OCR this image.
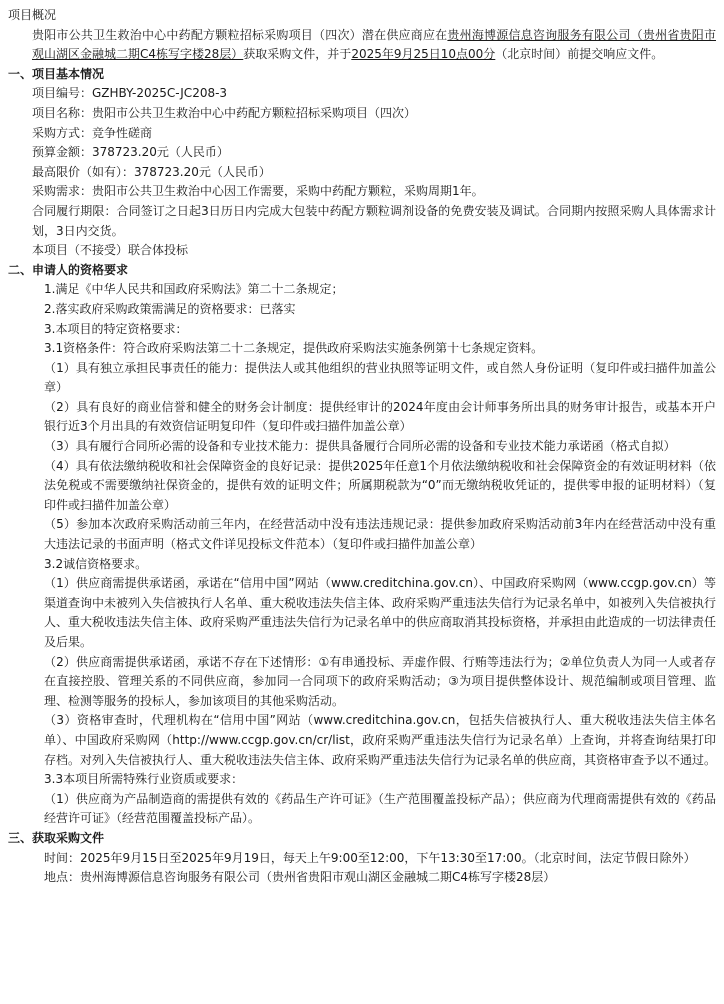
项目概况
贵阳市公共卫生救治中心中药配方颗粒招标采购项目（四次）潜在供应商应在贵州海博源信息咨询服务有限公司（贵州省贵阳市观山湖区金融城二期C4栋写字楼28层）获取采购文件，并于2025年9月25日10点00分（北京时间）前提交响应文件。
一、项目基本情况
项目编号：GZHBY-2025C-JC208-3
项目名称：贵阳市公共卫生救治中心中药配方颗粒招标采购项目（四次）
采购方式：竞争性磋商
预算金额：378723.20元（人民币）
最高限价（如有）：378723.20元（人民币）
采购需求：贵阳市公共卫生救治中心因工作需要，采购中药配方颗粒，采购周期1年。
合同履行期限：合同签订之日起3日历日内完成大包装中药配方颗粒调剂设备的免费安装及调试。合同期内按照采购人具体需求计划，3日内交货。
本项目（不接受）联合体投标
二、申请人的资格要求
1.满足《中华人民共和国政府采购法》第二十二条规定；
2.落实政府采购政策需满足的资格要求：已落实
3.本项目的特定资格要求：
3.1资格条件：符合政府采购法第二十二条规定，提供政府采购法实施条例第十七条规定资料。
（1）具有独立承担民事责任的能力：提供法人或其他组织的营业执照等证明文件，或自然人身份证明（复印件或扫描件加盖公章）
（2）具有良好的商业信誉和健全的财务会计制度：提供经审计的2024年度由会计师事务所出具的财务审计报告，或基本开户银行近3个月出具的有效资信证明复印件（复印件或扫描件加盖公章）
（3）具有履行合同所必需的设备和专业技术能力：提供具备履行合同所必需的设备和专业技术能力承诺函（格式自拟）
（4）具有依法缴纳税收和社会保障资金的良好记录：提供2025年任意1个月依法缴纳税收和社会保障资金的有效证明材料（依法免税或不需要缴纳社保资金的，提供有效的证明文件；所属期税款为“0”而无缴纳税收凭证的，提供零申报的证明材料）（复印件或扫描件加盖公章）
（5）参加本次政府采购活动前三年内，在经营活动中没有违法违规记录：提供参加政府采购活动前3年内在经营活动中没有重大违法记录的书面声明（格式文件详见投标文件范本）（复印件或扫描件加盖公章）
3.2诚信资格要求。
（1）供应商需提供承诺函，承诺在“信用中国”网站（www.creditchina.gov.cn）、中国政府采购网（www.ccgp.gov.cn）等渠道查询中未被列入失信被执行人名单、重大税收违法失信主体、政府采购严重违法失信行为记录名单中，如被列入失信被执行人、重大税收违法失信主体、政府采购严重违法失信行为记录名单中的供应商取消其投标资格，并承担由此造成的一切法律责任及后果。
（2）供应商需提供承诺函，承诺不存在下述情形：①有串通投标、弄虚作假、行贿等违法行为；②单位负责人为同一人或者存在直接控股、管理关系的不同供应商，参加同一合同项下的政府采购活动；③为项目提供整体设计、规范编制或项目管理、监理、检测等服务的投标人，参加该项目的其他采购活动。
（3）资格审查时，代理机构在“信用中国”网站（www.creditchina.gov.cn，包括失信被执行人、重大税收违法失信主体名单）、中国政府采购网（http://www.ccgp.gov.cn/cr/list，政府采购严重违法失信行为记录名单）上查询，并将查询结果打印存档。对列入失信被执行人、重大税收违法失信主体、政府采购严重违法失信行为记录名单的供应商，其资格审查予以不通过。
3.3本项目所需特殊行业资质或要求：
（1）供应商为产品制造商的需提供有效的《药品生产许可证》（生产范围覆盖投标产品）；供应商为代理商需提供有效的《药品经营许可证》（经营范围覆盖投标产品）。
三、获取采购文件
时间：2025年9月15日至2025年9月19日，每天上午9:00至12:00，下午13:30至17:00。（北京时间，法定节假日除外）
地点：贵州海博源信息咨询服务有限公司（贵州省贵阳市观山湖区金融城二期C4栋写字楼28层）
